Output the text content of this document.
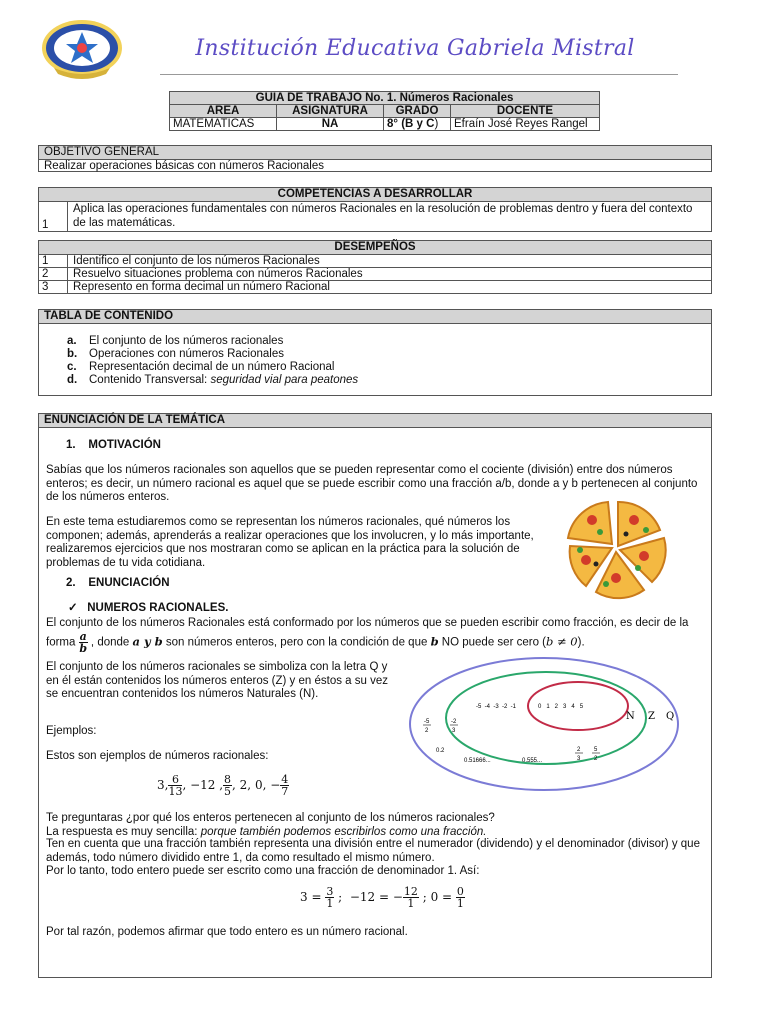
Institución Educativa Gabriela Mistral
GUIA DE TRABAJO No. 1. Números Racionales			
AREA	ASIGNATURA	GRADO	DOCENTE
MATEMATICAS	NA	8° (B y C)	Efraín José Reyes Rangel
OBJETIVO GENERAL
Realizar operaciones básicas con números Racionales
COMPETENCIAS A DESARROLLAR
1	Aplica las operaciones fundamentales con números Racionales en la resolución de problemas dentro y fuera del contexto de las matemáticas.
DESEMPEÑOS
1	Identifico el conjunto de los números Racionales
2	Resuelvo situaciones problema con números Racionales
3	Represento en forma decimal un número Racional
TABLA DE CONTENIDO
a. El conjunto de los números racionales
b. Operaciones con números Racionales
c. Representación decimal de un número Racional
d. Contenido Transversal: seguridad vial para peatones
ENUNCIACIÓN DE LA TEMÁTICA
1.    MOTIVACIÓN
Sabías que los números racionales son aquellos que se pueden representar como el cociente (división) entre dos números enteros; es decir, un número racional es aquel que se puede escribir como una fracción a/b, donde a y b pertenecen al conjunto de los números enteros.
En este tema estudiaremos como se representan los números racionales, qué números los componen; además, aprenderás a realizar operaciones que los involucren, y lo más importante, realizaremos ejercicios que nos mostraran como se aplican en la práctica para la solución de problemas de tu vida cotidiana.
2.    ENUNCIACIÓN
✓ NUMEROS RACIONALES.
El conjunto de los números Racionales está conformado por los números que se pueden escribir como fracción, es decir de la forma $\frac{a}{b}$ , donde a y b son números enteros, pero con la condición de que b NO puede ser cero (b ≠ 0).
El conjunto de los números racionales se simboliza con la letra Q y en él están contenidos los números enteros (Z) y en éstos a su vez se encuentran contenidos los números Naturales (N).
Ejemplos:
Estos son ejemplos de números racionales:
3, $\frac{6}{13}$ , −12 , $\frac{8}{5}$ , 2, 0, − $\frac{4}{7}$
0   1   2   3   4   5
-5  -4  -3  -2  -1
N Z Q
-5
2
-2
3
2
3
5
2
0.2
0.51666...	0.555...
Te preguntaras ¿por qué los enteros pertenecen al conjunto de los números racionales?
La respuesta es muy sencilla: porque también podemos escribirlos como una fracción.
Ten en cuenta que una fracción también representa una división entre el numerador (dividendo) y el denominador (divisor) y que además, todo número dividido entre 1, da como resultado el mismo número.
Por lo tanto, todo entero puede ser escrito como una fracción de denominador 1. Así:
$3 = \frac{3}{1}$ ;  −12 = − $\frac{12}{1}$ ; $0 = \frac{0}{1}$
Por tal razón, podemos afirmar que todo entero es un número racional.
